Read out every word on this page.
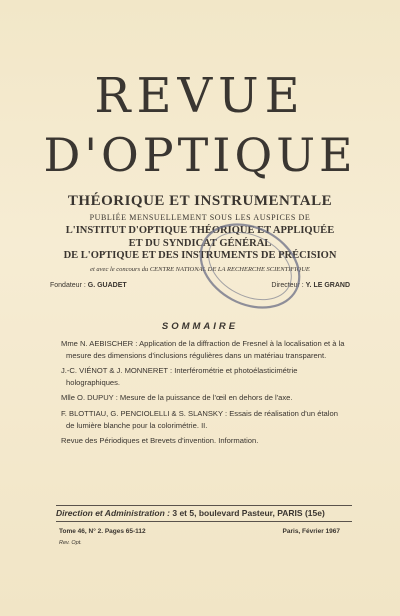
REVUE
D'OPTIQUE
THÉORIQUE ET INSTRUMENTALE
PUBLIÉE MENSUELLEMENT SOUS LES AUSPICES DE
L'INSTITUT D'OPTIQUE THÉORIQUE ET APPLIQUÉE
ET DU SYNDICAT GÉNÉRAL
DE L'OPTIQUE ET DES INSTRUMENTS DE PRÉCISION
et avec le concours du CENTRE NATIONAL DE LA RECHERCHE SCIENTIFIQUE
Fondateur : G. GUADET	Directeur : Y. LE GRAND
SOMMAIRE
Mme N. AEBISCHER : Application de la diffraction de Fresnel à la localisation et à la mesure des dimensions d'inclusions régulières dans un matériau transparent.
J.-C. VIÉNOT & J. MONNERET : Interférométrie et photoélasticimétrie holographiques.
Mlle O. DUPUY : Mesure de la puissance de l'œil en dehors de l'axe.
F. BLOTTIAU, G. PENCIOLELLI & S. SLANSKY : Essais de réalisation d'un étalon de lumière blanche pour la colorimétrie. II.
Revue des Périodiques et Brevets d'invention. Information.
Direction et Administration : 3 et 5, boulevard Pasteur, PARIS (15e)
Tome 46, N° 2. Pages 65-112	Paris, Février 1967
Rev. Opt.
